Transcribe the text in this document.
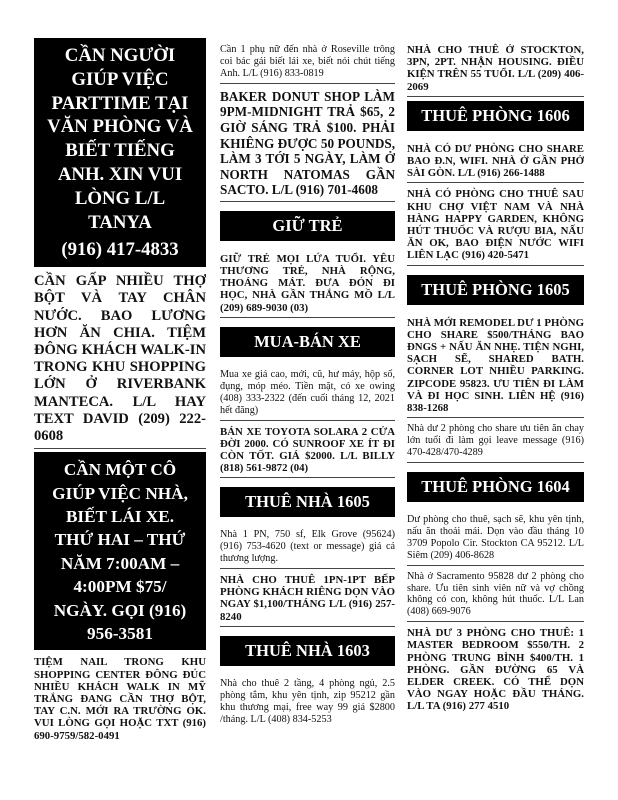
CẦN NGƯỜI
GIÚP VIỆC
PARTTIME TẠI
VĂN PHÒNG VÀ
BIẾT TIẾNG
ANH. XIN VUI
LÒNG L/L
TANYA
(916) 417-4833
CẦN GẤP NHIỀU THỢ BỘT VÀ TAY CHÂN NƯỚC. BAO LƯƠNG HƠN ĂN CHIA. TIỆM ĐÔNG KHÁCH WALK-IN TRONG KHU SHOPPING LỚN Ở RIVERBANK MANTECA. L/L HAY TEXT DAVID (209) 222-0608
CẦN MỘT CÔ
GIÚP VIỆC NHÀ,
BIẾT LÁI XE.
THỨ HAI – THỨ
NĂM 7:00AM –
4:00PM $75/
NGÀY. GỌI (916)
956-3581
TIỆM NAIL TRONG KHU SHOPPING CENTER ĐÔNG ĐÚC NHIỀU KHÁCH WALK IN MỸ TRẮNG ĐANG CẦN THỢ BỘT, TAY C.N. MỚI RA TRƯỜNG OK. VUI LÒNG GỌI HOẶC TXT (916) 690-9759/582-0491
Cần 1 phụ nữ đến nhà ở Roseville trông coi bác gái biết lái xe, biết nói chút tiếng Anh. L/L (916) 833-0819
BAKER DONUT SHOP LÀM 9PM-MIDNIGHT TRẢ $65, 2 GIỜ SÁNG TRẢ $100. PHẢI KHIÊNG ĐƯỢC 50 POUNDS, LÀM 3 TỚI 5 NGÀY, LÀM Ở NORTH NATOMAS GẦN SACTO. L/L (916) 701-4608
GIỮ TRẺ
GIỮ TRẺ MỌI LỨA TUỔI. YÊU THƯƠNG TRẺ, NHÀ RỘNG, THOÁNG MÁT. ĐƯA ĐÓN ĐI HỌC, NHÀ GẦN THẮNG MỒ L/L (209) 689-9030 (03)
MUA-BÁN XE
Mua xe giá cao, mới, cũ, hư máy, hộp số, đụng, móp méo. Tiền mặt, có xe owing (408) 333-2322 (đến cuối tháng 12, 2021 hết đăng)
BÁN XE TOYOTA SOLARA 2 CỬA ĐỜI 2000. CÓ SUNROOF XE ÍT ĐI CÒN TỐT. GIÁ $2000. L/L BILLY (818) 561-9872 (04)
THUÊ NHÀ 1605
Nhà 1 PN, 750 sf, Elk Grove (95624) (916) 753-4620 (text or message) giá cả thương lượng.
NHÀ CHO THUÊ 1PN-1PT BẾP PHÒNG KHÁCH RIÊNG DỌN VÀO NGAY $1,100/THÁNG L/L (916) 257-8240
THUÊ NHÀ 1603
Nhà cho thuê 2 tầng, 4 phòng ngủ, 2.5 phòng tắm, khu yên tịnh, zip 95212 gần khu thương mại, free way 99 giá $2800 /tháng. L/L (408) 834-5253
NHÀ CHO THUÊ Ở STOCKTON, 3PN, 2PT. NHẬN HOUSING. ĐIỀU KIỆN TRÊN 55 TUỔI. L/L (209) 406-2069
THUÊ PHÒNG 1606
NHÀ CÓ DƯ PHÒNG CHO SHARE BAO Đ.N, WIFI. NHÀ Ở GẦN PHỞ SÀI GÒN. L/L (916) 266-1488
NHÀ CÓ PHÒNG CHO THUÊ SAU KHU CHỢ VIỆT NAM VÀ NHÀ HÀNG HAPPY GARDEN, KHÔNG HÚT THUỐC VÀ RƯỢU BIA, NẤU ĂN OK, BAO ĐIỆN NƯỚC WIFI LIÊN LẠC (916) 420-5471
THUÊ PHÒNG 1605
NHÀ MỚI REMODEL DƯ 1 PHÒNG CHO SHARE $500/THÁNG BAO ĐNGS + NẤU ĂN NHẸ. TIỆN NGHI, SẠCH SẼ, SHARED BATH. CORNER LOT NHIỀU PARKING. ZIPCODE 95823. ƯU TIÊN ĐI LÀM VÀ ĐI HỌC SINH. LIÊN HỆ (916) 838-1268
Nhà dư 2 phòng cho share ưu tiên ăn chay lớn tuổi đi làm gọi leave message (916) 470-428/470-4289
THUÊ PHÒNG 1604
Dư phòng cho thuê, sạch sẽ, khu yên tịnh, nấu ăn thoải mái. Dọn vào đầu tháng 10 3709 Popolo Cir. Stockton CA 95212. L/L Siêm (209) 406-8628
Nhà ở Sacramento 95828 dư 2 phòng cho share. Ưu tiên sinh viên nữ và vợ chồng không có con, không hút thuốc. L/L Lan (408) 669-9076
NHÀ DƯ 3 PHÒNG CHO THUÊ: 1 MASTER BEDROOM $550/TH. 2 PHÒNG TRUNG BÌNH $400/TH. 1 PHÒNG. GẦN ĐƯỜNG 65 VÀ ELDER CREEK. CÓ THỂ DỌN VÀO NGAY HOẶC ĐẦU THÁNG. L/L TA (916) 277 4510
